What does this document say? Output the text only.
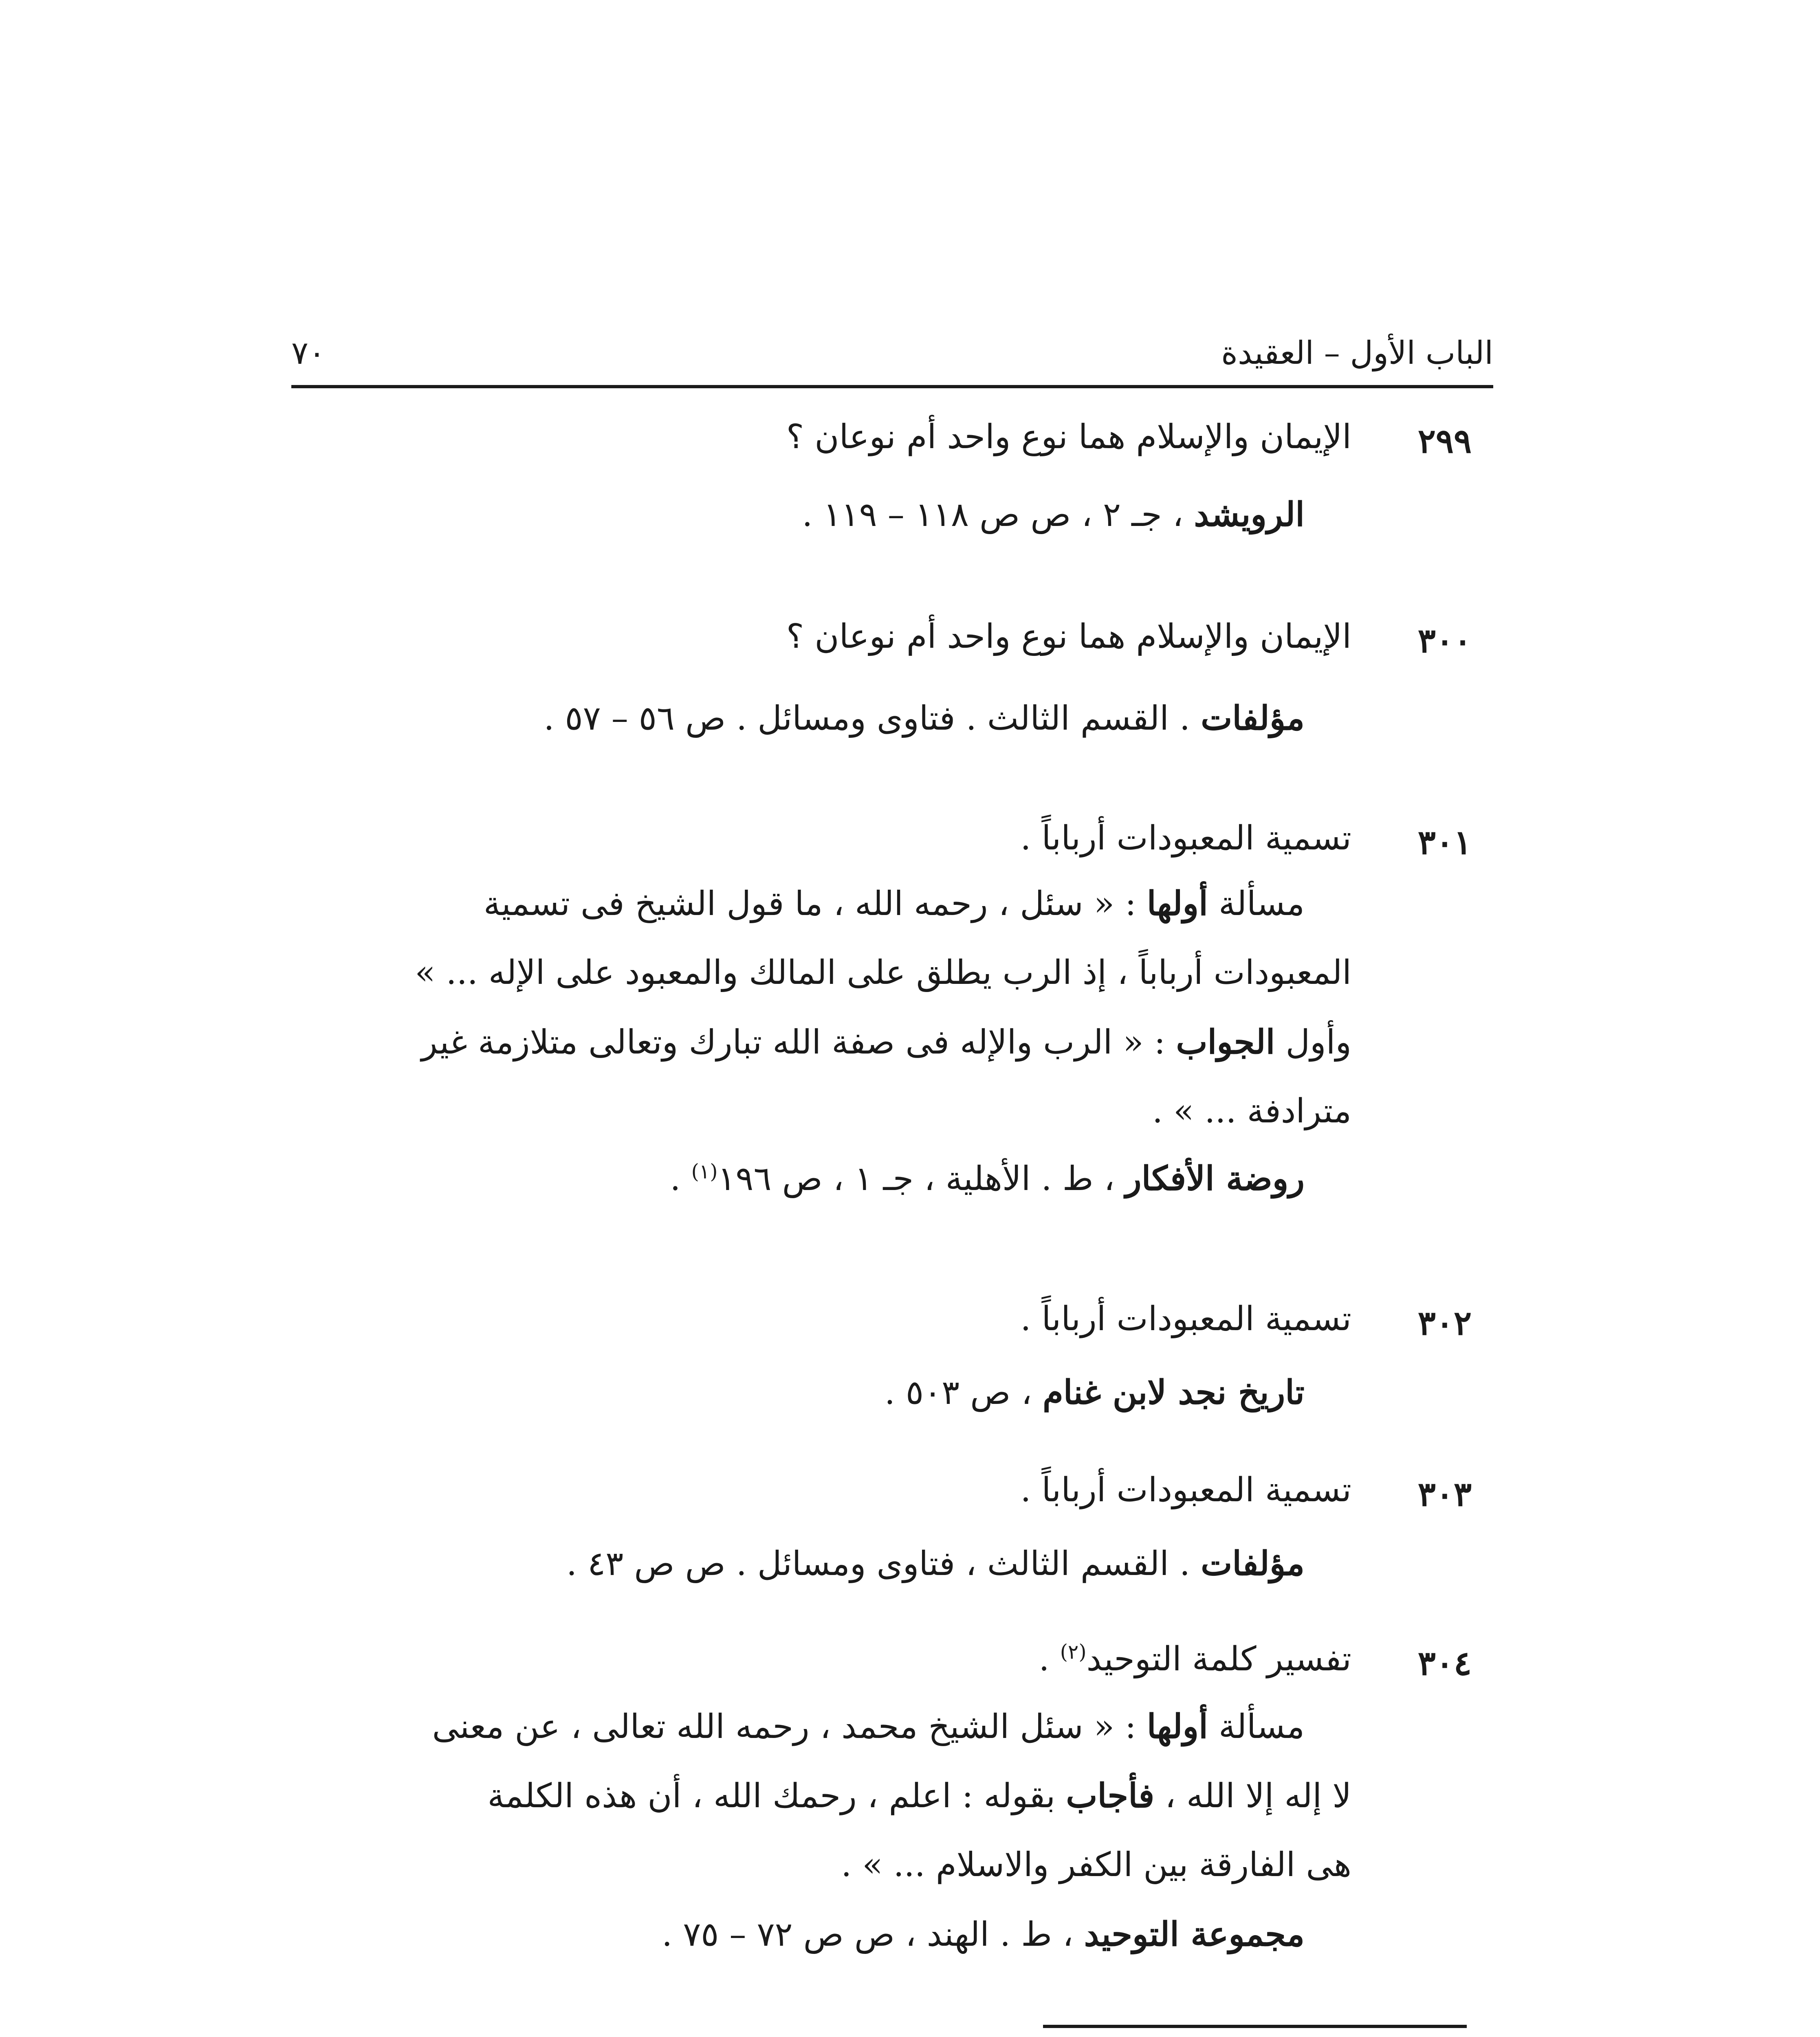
الباب الأول – العقيدة
٧٠
٢٩٩
الإيمان والإسلام هما نوع واحد أم نوعان ؟
الرويشد ، جـ ٢ ، ص ص ١١٨ – ١١٩ .
٣٠٠
الإيمان والإسلام هما نوع واحد أم نوعان ؟
مؤلفات . القسم الثالث . فتاوى ومسائل . ص ٥٦ – ٥٧ .
٣٠١
تسمية المعبودات أرباباً .
مسألة أولها : « سئل ، رحمه الله ، ما قول الشيخ فى تسمية
المعبودات أرباباً ، إذ الرب يطلق على المالك والمعبود على الإله ... »
وأول الجواب : « الرب والإله فى صفة الله تبارك وتعالى متلازمة غير
مترادفة ... » .
روضة الأفكار ، ط . الأهلية ، جـ ١ ، ص ١٩٦$^{(١)}$ .
٣٠٢
تسمية المعبودات أرباباً .
تاريخ نجد لابن غنام ، ص ٥٠٣ .
٣٠٣
تسمية المعبودات أرباباً .
مؤلفات . القسم الثالث ، فتاوى ومسائل . ص ص ٤٣ .
٣٠٤
تفسير كلمة التوحيد$^{(٢)}$ .
مسألة أولها : « سئل الشيخ محمد ، رحمه الله تعالى ، عن معنى
لا إله إلا الله ، فأجاب بقوله : اعلم ، رحمك الله ، أن هذه الكلمة
هى الفارقة بين الكفر والاسلام ... » .
مجموعة التوحيد ، ط . الهند ، ص ص ٧٢ – ٧٥ .
